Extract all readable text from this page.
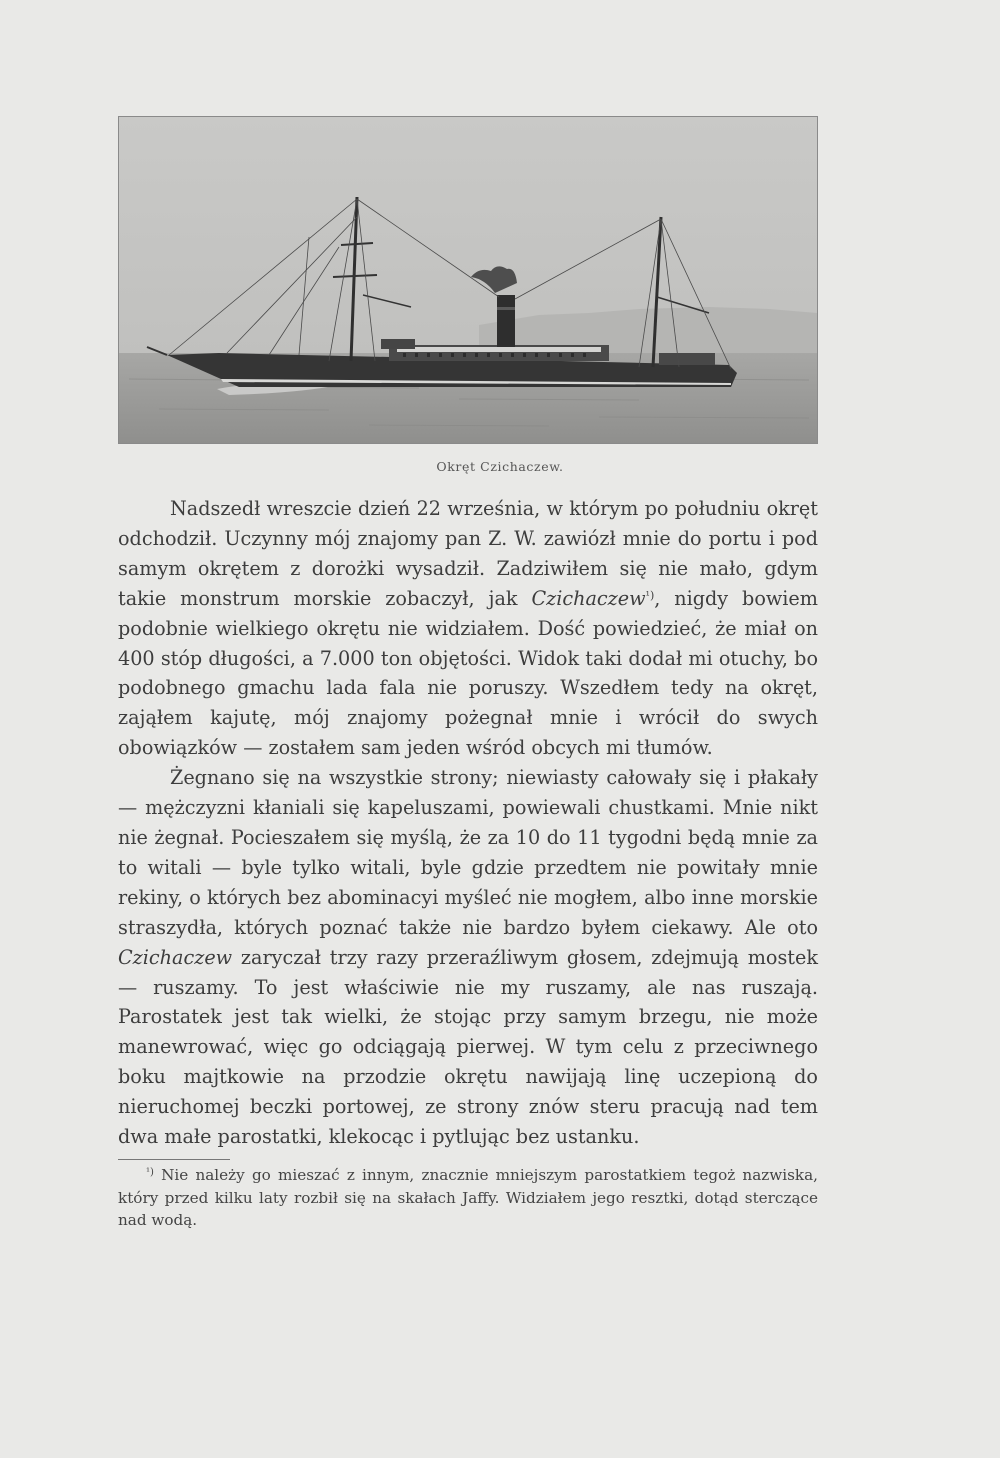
Okręt Czichaczew.

Nadszedł wreszcie dzień 22 września, w którym po południu okręt odchodził. Uczynny mój znajomy pan Z. W. zawiózł mnie do portu i pod samym okrętem z dorożki wysadził. Zadziwiłem się nie mało, gdym takie monstrum morskie zobaczył, jak Czichaczew$^{^1)}$, nigdy bowiem podobnie wielkiego okrętu nie widziałem. Dość powiedzieć, że miał on 400 stóp długości, a 7.000 ton objętości. Widok taki dodał mi otuchy, bo podobnego gmachu lada fala nie poruszy. Wszedłem tedy na okręt, zająłem kajutę, mój znajomy pożegnał mnie i wrócił do swych obowiązków — zostałem sam jeden wśród obcych mi tłumów.

Żegnano się na wszystkie strony; niewiasty całowały się i płakały — mężczyzni kłaniali się kapeluszami, powiewali chustkami. Mnie nikt nie żegnał. Pocieszałem się myślą, że za 10 do 11 tygodni będą mnie za to witali — byle tylko witali, byle gdzie przedtem nie powitały mnie rekiny, o których bez abominacyi myśleć nie mogłem, albo inne morskie straszydła, których poznać także nie bardzo byłem ciekawy. Ale oto Czichaczew zaryczał trzy razy przeraźliwym głosem, zdejmują mostek — ruszamy. To jest właściwie nie my ruszamy, ale nas ruszają. Parostatek jest tak wielki, że stojąc przy samym brzegu, nie może manewrować, więc go odciągają pierwej. W tym celu z przeciwnego boku majtkowie na przodzie okrętu nawijają linę uczepioną do nieruchomej beczki portowej, ze strony znów steru pracują nad tem dwa małe parostatki, klekocąc i pytlując bez ustanku.

$^{^1)}$ Nie należy go mieszać z innym, znacznie mniejszym parostatkiem tegoż nazwiska, który przed kilku laty rozbił się na skałach Jaffy. Widziałem jego resztki, dotąd sterczące nad wodą.
